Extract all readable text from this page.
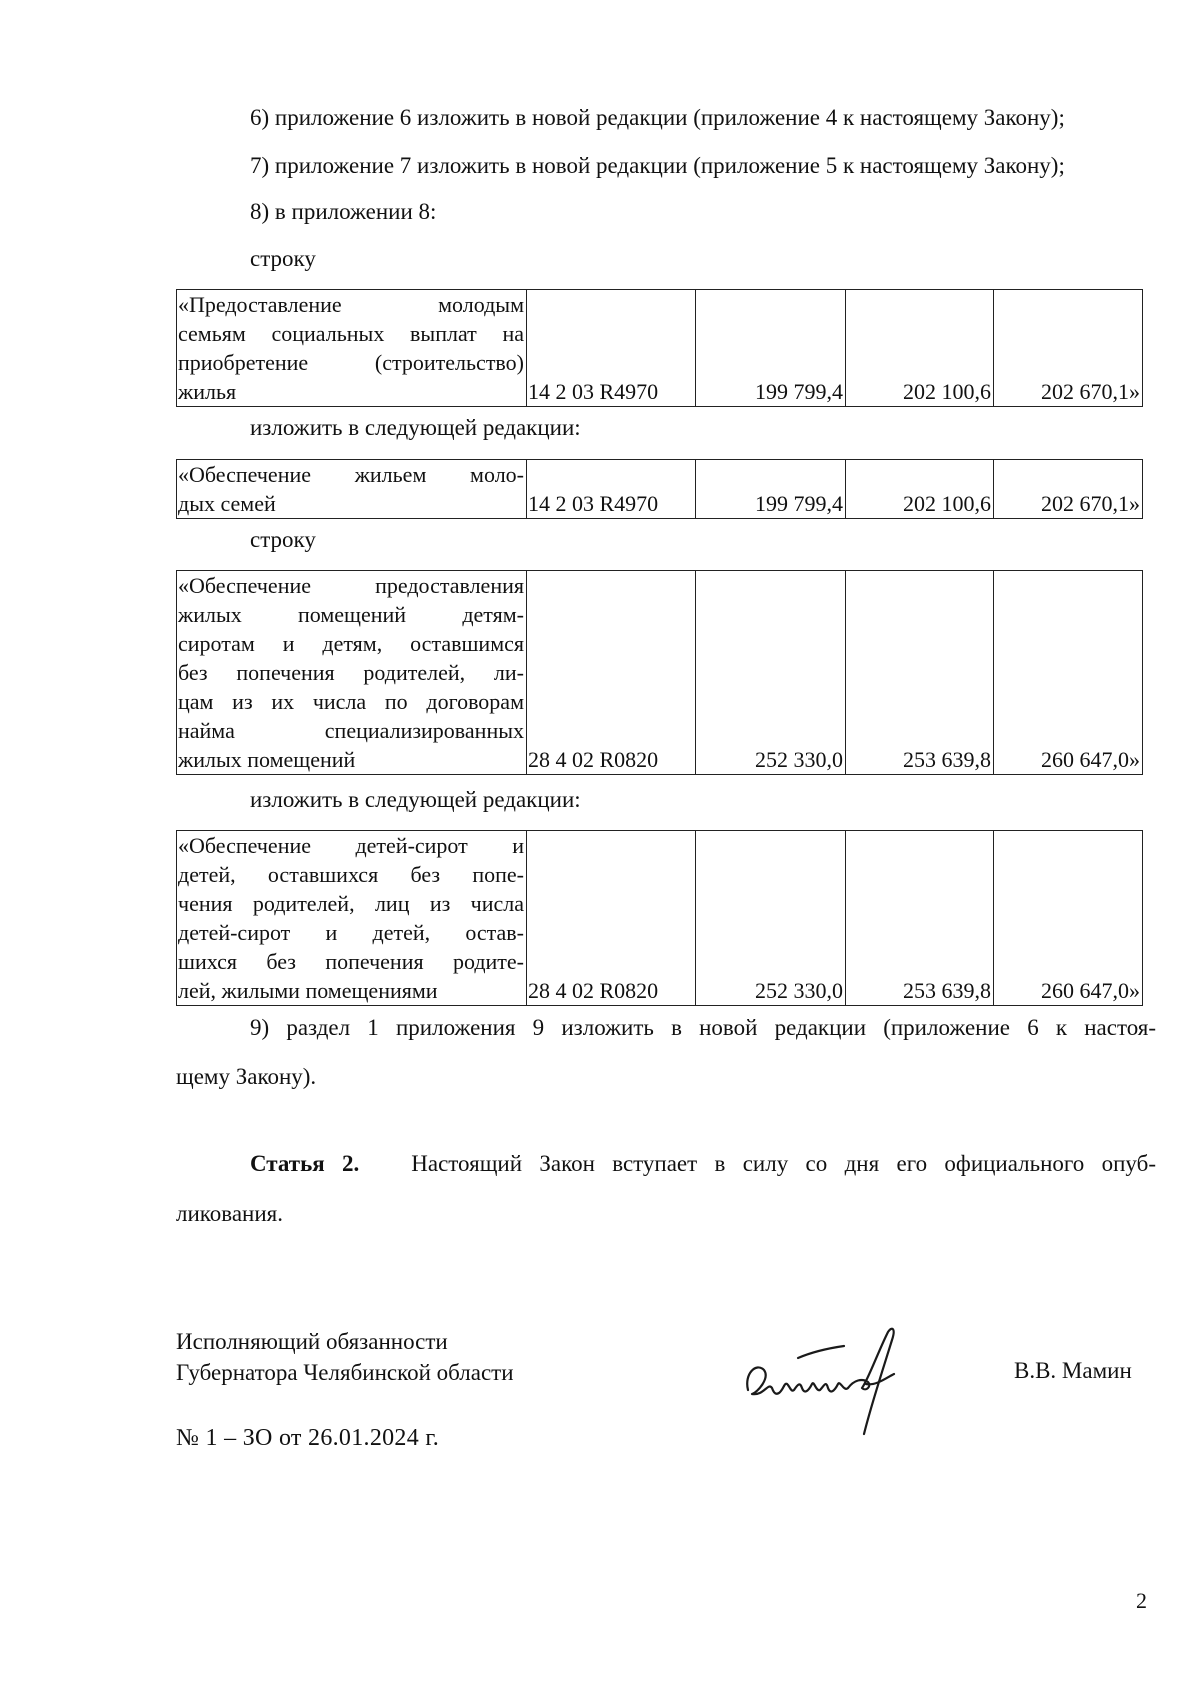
6) приложение 6 изложить в новой редакции (приложение 4 к настоящему Закону);
7) приложение 7 изложить в новой редакции (приложение 5 к настоящему Закону);
8) в приложении 8:
строку
«Предоставление молодым
семьям социальных выплат на
приобретение (строительство)
жилья	14 2 03 R4970	199 799,4	202 100,6	202 670,1»
изложить в следующей редакции:
«Обеспечение жильем моло-
дых семей	14 2 03 R4970	199 799,4	202 100,6	202 670,1»
строку
«Обеспечение предоставления
жилых помещений детям-
сиротам и детям, оставшимся
без попечения родителей, ли-
цам из их числа по договорам
найма специализированных
жилых помещений	28 4 02 R0820	252 330,0	253 639,8	260 647,0»
изложить в следующей редакции:
«Обеспечение детей-сирот и
детей, оставшихся без попе-
чения родителей, лиц из числа
детей-сирот и детей, остав-
шихся без попечения родите-
лей, жилыми помещениями	28 4 02 R0820	252 330,0	253 639,8	260 647,0»
9) раздел 1 приложения 9 изложить в новой редакции (приложение 6 к настоя-
щему Закону).
Статья 2. Настоящий Закон вступает в силу со дня его официального опуб-
ликования.
Исполняющий обязанности
Губернатора Челябинской области	В.В. Мамин
№ 1 – ЗО от 26.01.2024 г.
2
